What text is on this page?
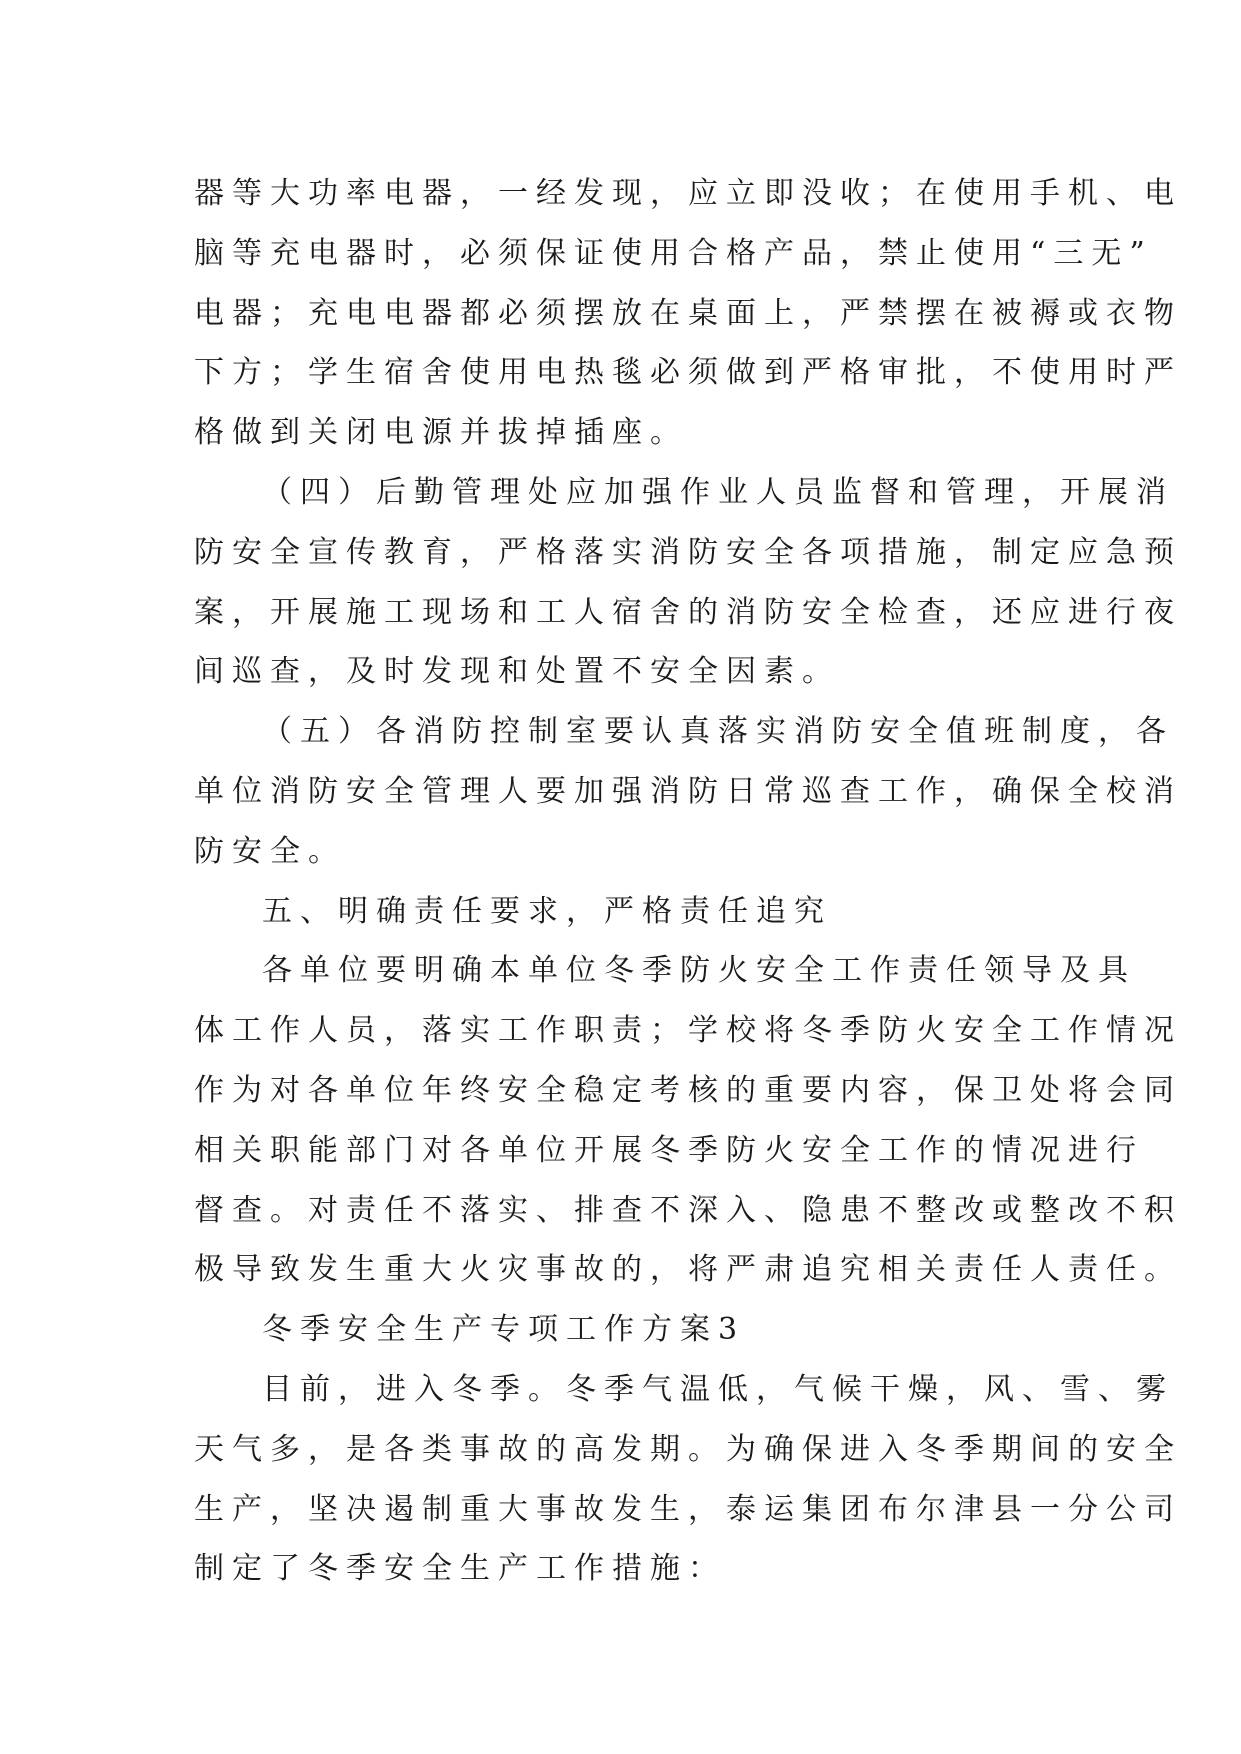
器等大功率电器，一经发现，应立即没收；在使用手机、电
脑等充电器时，必须保证使用合格产品，禁止使用“三无”
电器；充电电器都必须摆放在桌面上，严禁摆在被褥或衣物
下方；学生宿舍使用电热毯必须做到严格审批，不使用时严
格做到关闭电源并拔掉插座。
（四）后勤管理处应加强作业人员监督和管理，开展消
防安全宣传教育，严格落实消防安全各项措施，制定应急预
案，开展施工现场和工人宿舍的消防安全检查，还应进行夜
间巡查，及时发现和处置不安全因素。
（五）各消防控制室要认真落实消防安全值班制度，各
单位消防安全管理人要加强消防日常巡查工作，确保全校消
防安全。
五、明确责任要求，严格责任追究
各单位要明确本单位冬季防火安全工作责任领导及具
体工作人员，落实工作职责；学校将冬季防火安全工作情况
作为对各单位年终安全稳定考核的重要内容，保卫处将会同
相关职能部门对各单位开展冬季防火安全工作的情况进行
督查。对责任不落实、排查不深入、隐患不整改或整改不积
极导致发生重大火灾事故的，将严肃追究相关责任人责任。
冬季安全生产专项工作方案3
目前，进入冬季。冬季气温低，气候干燥，风、雪、雾
天气多，是各类事故的高发期。为确保进入冬季期间的安全
生产，坚决遏制重大事故发生，泰运集团布尔津县一分公司
制定了冬季安全生产工作措施：
